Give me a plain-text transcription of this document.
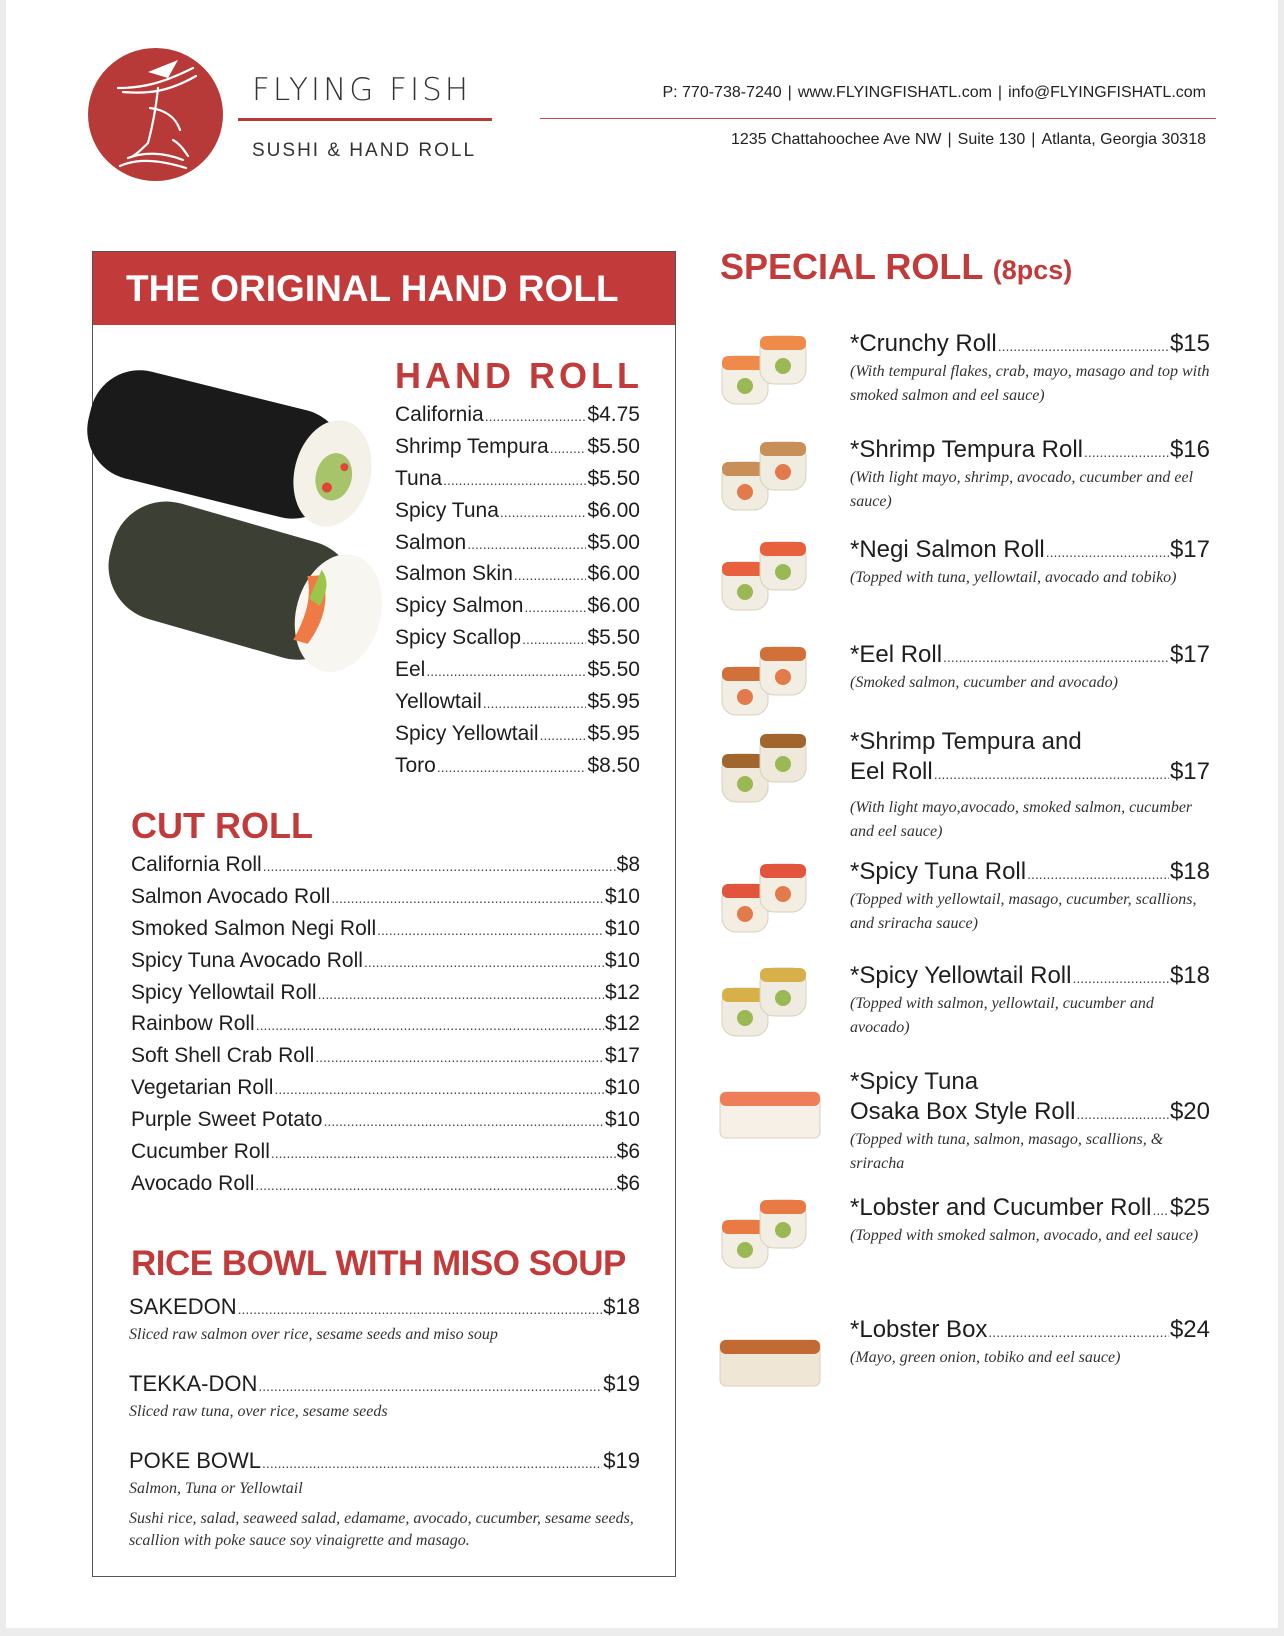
FLYING FISH
SUSHI & HAND ROLL
P: 770-738-7240 | www.FLYINGFISHATL.com | info@FLYINGFISHATL.com
1235 Chattahoochee Ave NW | Suite 130 | Atlanta, Georgia 30318
THE ORIGINAL HAND ROLL
HAND ROLL
California .....	$4.75
Shrimp Tempura ..... $5.50
Tuna .....	$5.50
Spicy Tuna .....	$6.00
Salmon .....	$5.00
Salmon Skin .....	$6.00
Spicy Salmon .....	$6.00
Spicy Scallop .....	$5.50
Eel .....	$5.50
Yellowtail .....	$5.95
Spicy Yellowtail ..... $5.95
Toro .....	$8.50
CUT ROLL
California Roll .....	$8
Salmon Avocado Roll .....	$10
Smoked Salmon Negi Roll .....	$10
Spicy Tuna Avocado Roll .....	$10
Spicy Yellowtail Roll .....	$12
Rainbow Roll .....	$12
Soft Shell Crab Roll .....	$17
Vegetarian Roll .....	$10
Purple Sweet Potato .....	$10
Cucumber Roll .....	$6
Avocado Roll .....	$6
RICE BOWL WITH MISO SOUP
SAKEDON .....	$18
Sliced raw salmon over rice, sesame seeds and miso soup
TEKKA-DON .....	$19
Sliced raw tuna, over rice, sesame seeds
POKE BOWL .....	$19
Salmon, Tuna or Yellowtail
Sushi rice, salad, seaweed salad, edamame, avocado, cucumber, sesame seeds, scallion with poke sauce soy vinaigrette and masago.
SPECIAL ROLL (8pcs)
*Crunchy Roll .....	$15
(With tempural flakes, crab, mayo, masago and top with smoked salmon and eel sauce)
*Shrimp Tempura Roll .....	$16
(With light mayo, shrimp, avocado, cucumber and eel sauce)
*Negi Salmon Roll .....	$17
(Topped with tuna, yellowtail, avocado and tobiko)
*Eel Roll .....	$17
(Smoked salmon, cucumber and avocado)
*Shrimp Tempura and
Eel Roll .....	$17
(With light mayo,avocado, smoked salmon, cucumber and eel sauce)
*Spicy Tuna Roll .....	$18
(Topped with yellowtail, masago, cucumber, scallions, and sriracha sauce)
*Spicy Yellowtail Roll .....	$18
(Topped with salmon, yellowtail, cucumber and avocado)
*Spicy Tuna
Osaka Box Style Roll .....	$20
(Topped with tuna, salmon, masago, scallions, & sriracha
*Lobster and Cucumber Roll ..... $25
(Topped with smoked salmon, avocado, and eel sauce)
*Lobster Box .....	$24
(Mayo, green onion, tobiko and eel sauce)
